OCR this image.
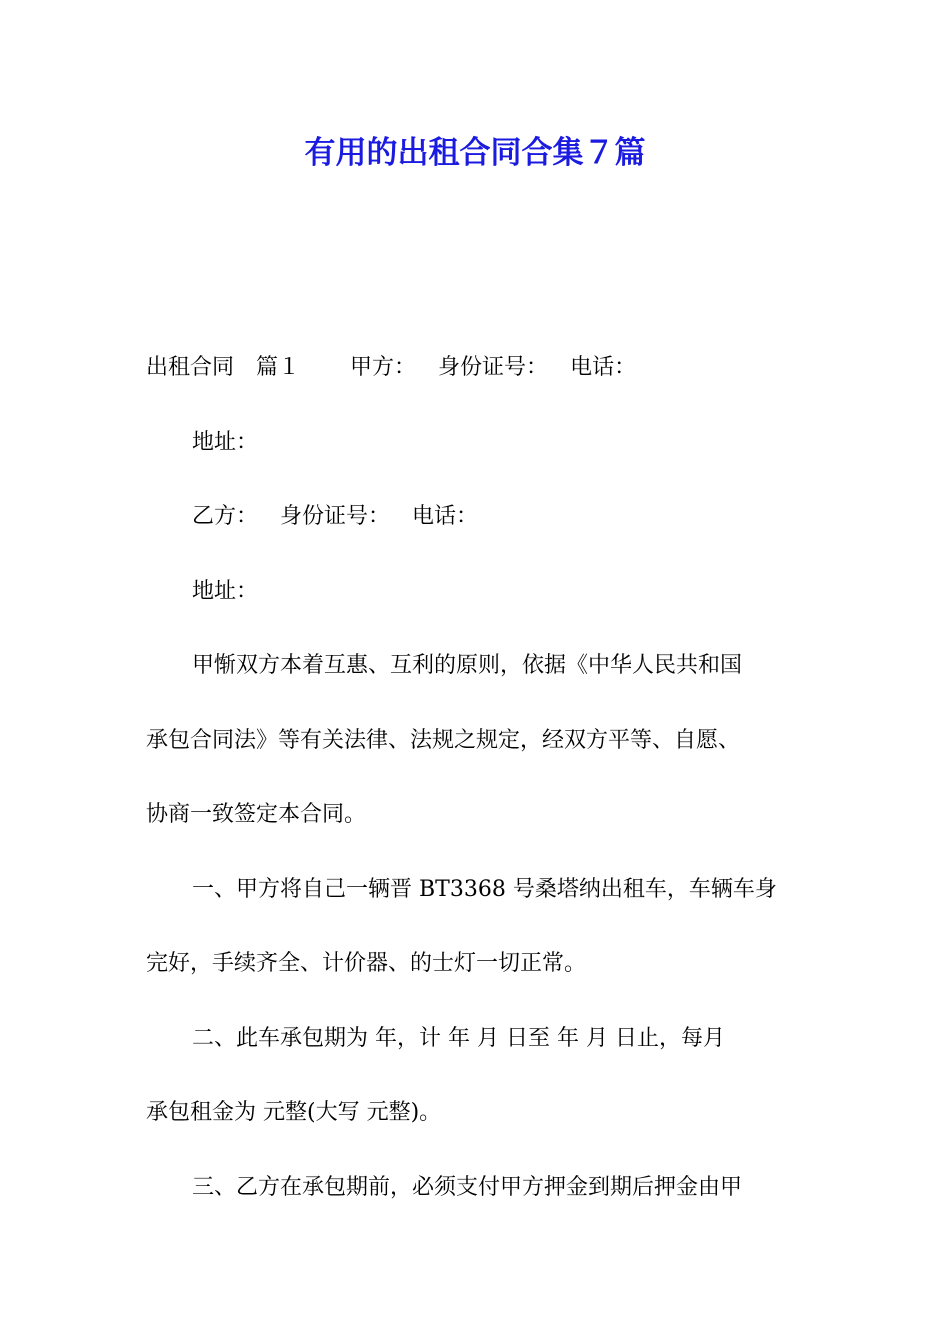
有用的出租合同合集７篇
出租合同 篇１ 甲方： 身份证号： 电话：
地址：
乙方： 身份证号： 电话：
地址：
甲惭双方本着互惠、互利的原则，依据《中华人民共和国
承包合同法》等有关法律、法规之规定，经双方平等、自愿、
协商一致签定本合同。
一、甲方将自己一辆晋 BT3368 号桑塔纳出租车，车辆车身
完好，手续齐全、计价器、的士灯一切正常。
二、此车承包期为 年，计 年 月 日至 年 月 日止，每月
承包租金为 元整(大写 元整)。
三、乙方在承包期前，必须支付甲方押金到期后押金由甲
